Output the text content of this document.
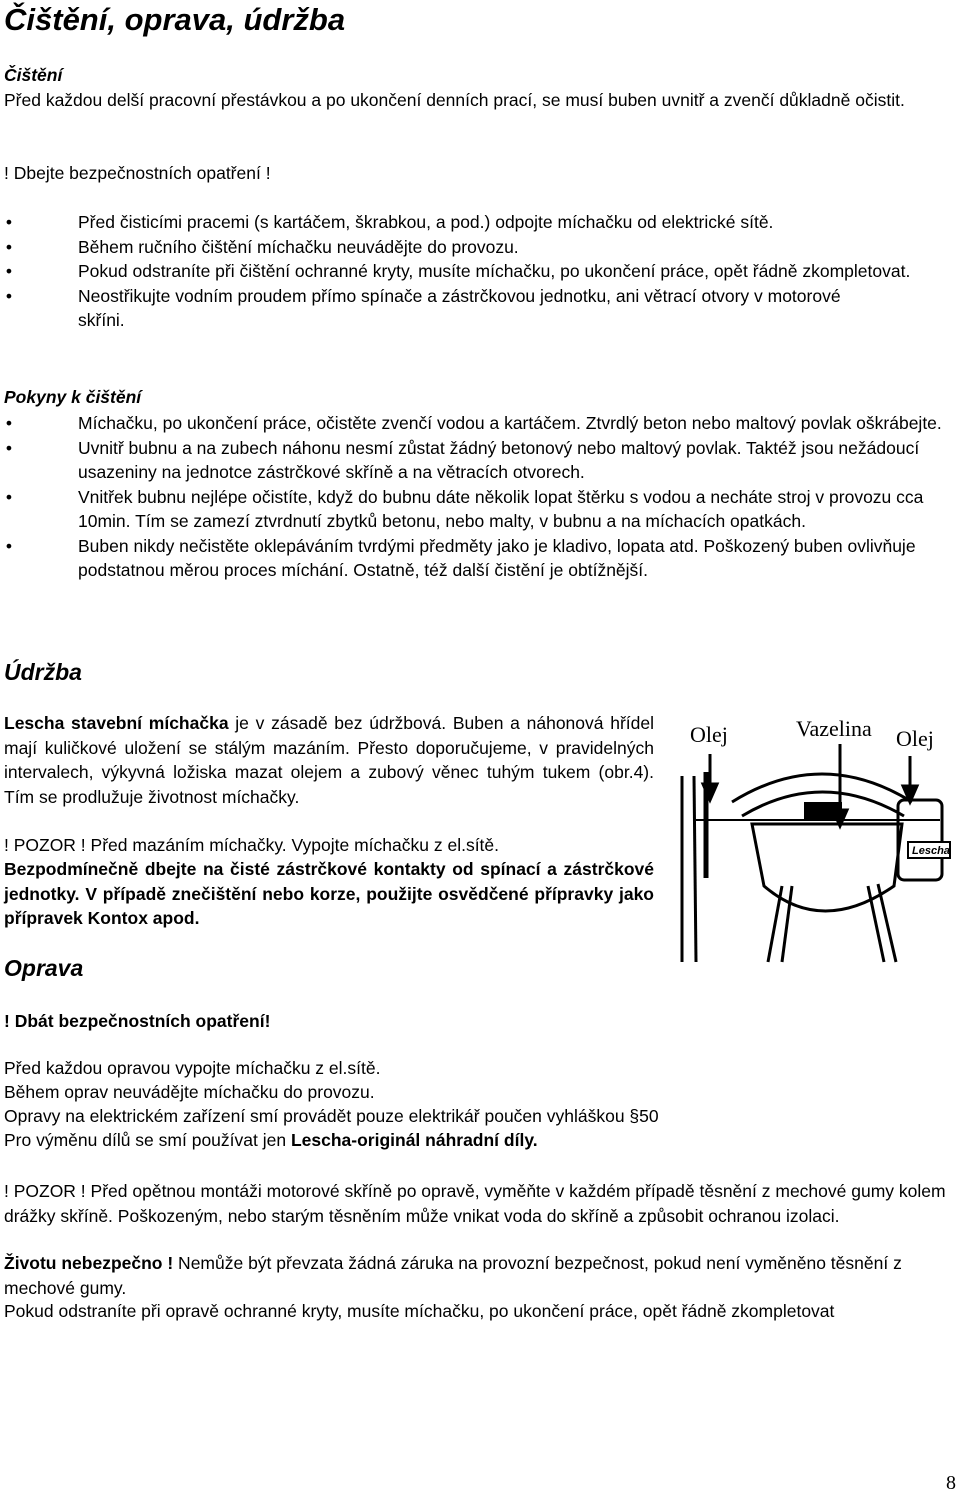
Čištění, oprava, údržba
Čištění
Před každou delší pracovní přestávkou a po ukončení denních prací, se musí buben uvnitř a zvenčí důkladně očistit.
! Dbejte bezpečnostních opatření !
•	Před čisticími pracemi (s kartáčem, škrabkou, a pod.) odpojte míchačku od elektrické sítě.
•	Během ručního čištění míchačku neuvádějte do provozu.
•	Pokud odstraníte při čištění ochranné kryty, musíte míchačku, po ukončení práce, opět řádně zkompletovat.
•	Neostřikujte vodním proudem přímo spínače a zástrčkovou jednotku, ani větrací otvory v motorové skříni.
Pokyny k čištění
•	Míchačku, po ukončení práce, očistěte zvenčí vodou a kartáčem. Ztvrdlý beton nebo maltový povlak oškrábejte.
•	Uvnitř bubnu a na zubech náhonu nesmí zůstat žádný betonový nebo maltový povlak. Taktéž jsou nežádoucí usazeniny na jednotce zástrčkové skříně a na větracích otvorech.
•	Vnitřek bubnu nejlépe očistíte, když do bubnu dáte několik lopat štěrku s vodou a necháte stroj v provozu cca 10min. Tím se zamezí ztvrdnutí zbytků betonu, nebo malty, v bubnu a na míchacích opatkách.
•	Buben nikdy nečistěte oklepáváním tvrdými předměty jako je kladivo, lopata atd. Poškozený buben ovlivňuje podstatnou měrou proces míchání. Ostatně, též další čistění je obtížnější.
Údržba
Lescha stavební míchačka je v zásadě bez údržbová. Buben a náhonová hřídel mají kuličkové uložení se stálým mazáním. Přesto doporučujeme, v pravidelných intervalech, výkyvná ložiska mazat olejem a zubový věnec tuhým tukem (obr.4). Tím se prodlužuje životnost míchačky.
! POZOR ! Před mazáním míchačky. Vypojte míchačku z el.sítě.
Bezpodmínečně dbejte na čisté zástrčkové kontakty od spínací a zástrčkové jednotky. V případě znečištění nebo korze, použijte osvědčené přípravky jako přípravek Kontox apod.
Olej	Vazelina Olej
Lescha
Oprava
! Dbát bezpečnostních opatření!
Před každou opravou vypojte míchačku z el.sítě.
Během oprav neuvádějte míchačku do provozu.
Opravy na elektrickém zařízení smí provádět pouze elektrikář poučen vyhláškou §50
Pro výměnu dílů se smí používat jen Lescha-originál náhradní díly.
! POZOR ! Před opětnou montáži motorové skříně po opravě, vyměňte v každém případě těsnění z mechové gumy kolem drážky skříně. Poškozeným, nebo starým těsněním může vnikat voda do skříně a způsobit ochranou izolaci.
Životu nebezpečno ! Nemůže být převzata žádná záruka na provozní bezpečnost, pokud není vyměněno těsnění z mechové gumy.
Pokud odstraníte při opravě ochranné kryty, musíte míchačku, po ukončení práce, opět řádně zkompletovat
8
